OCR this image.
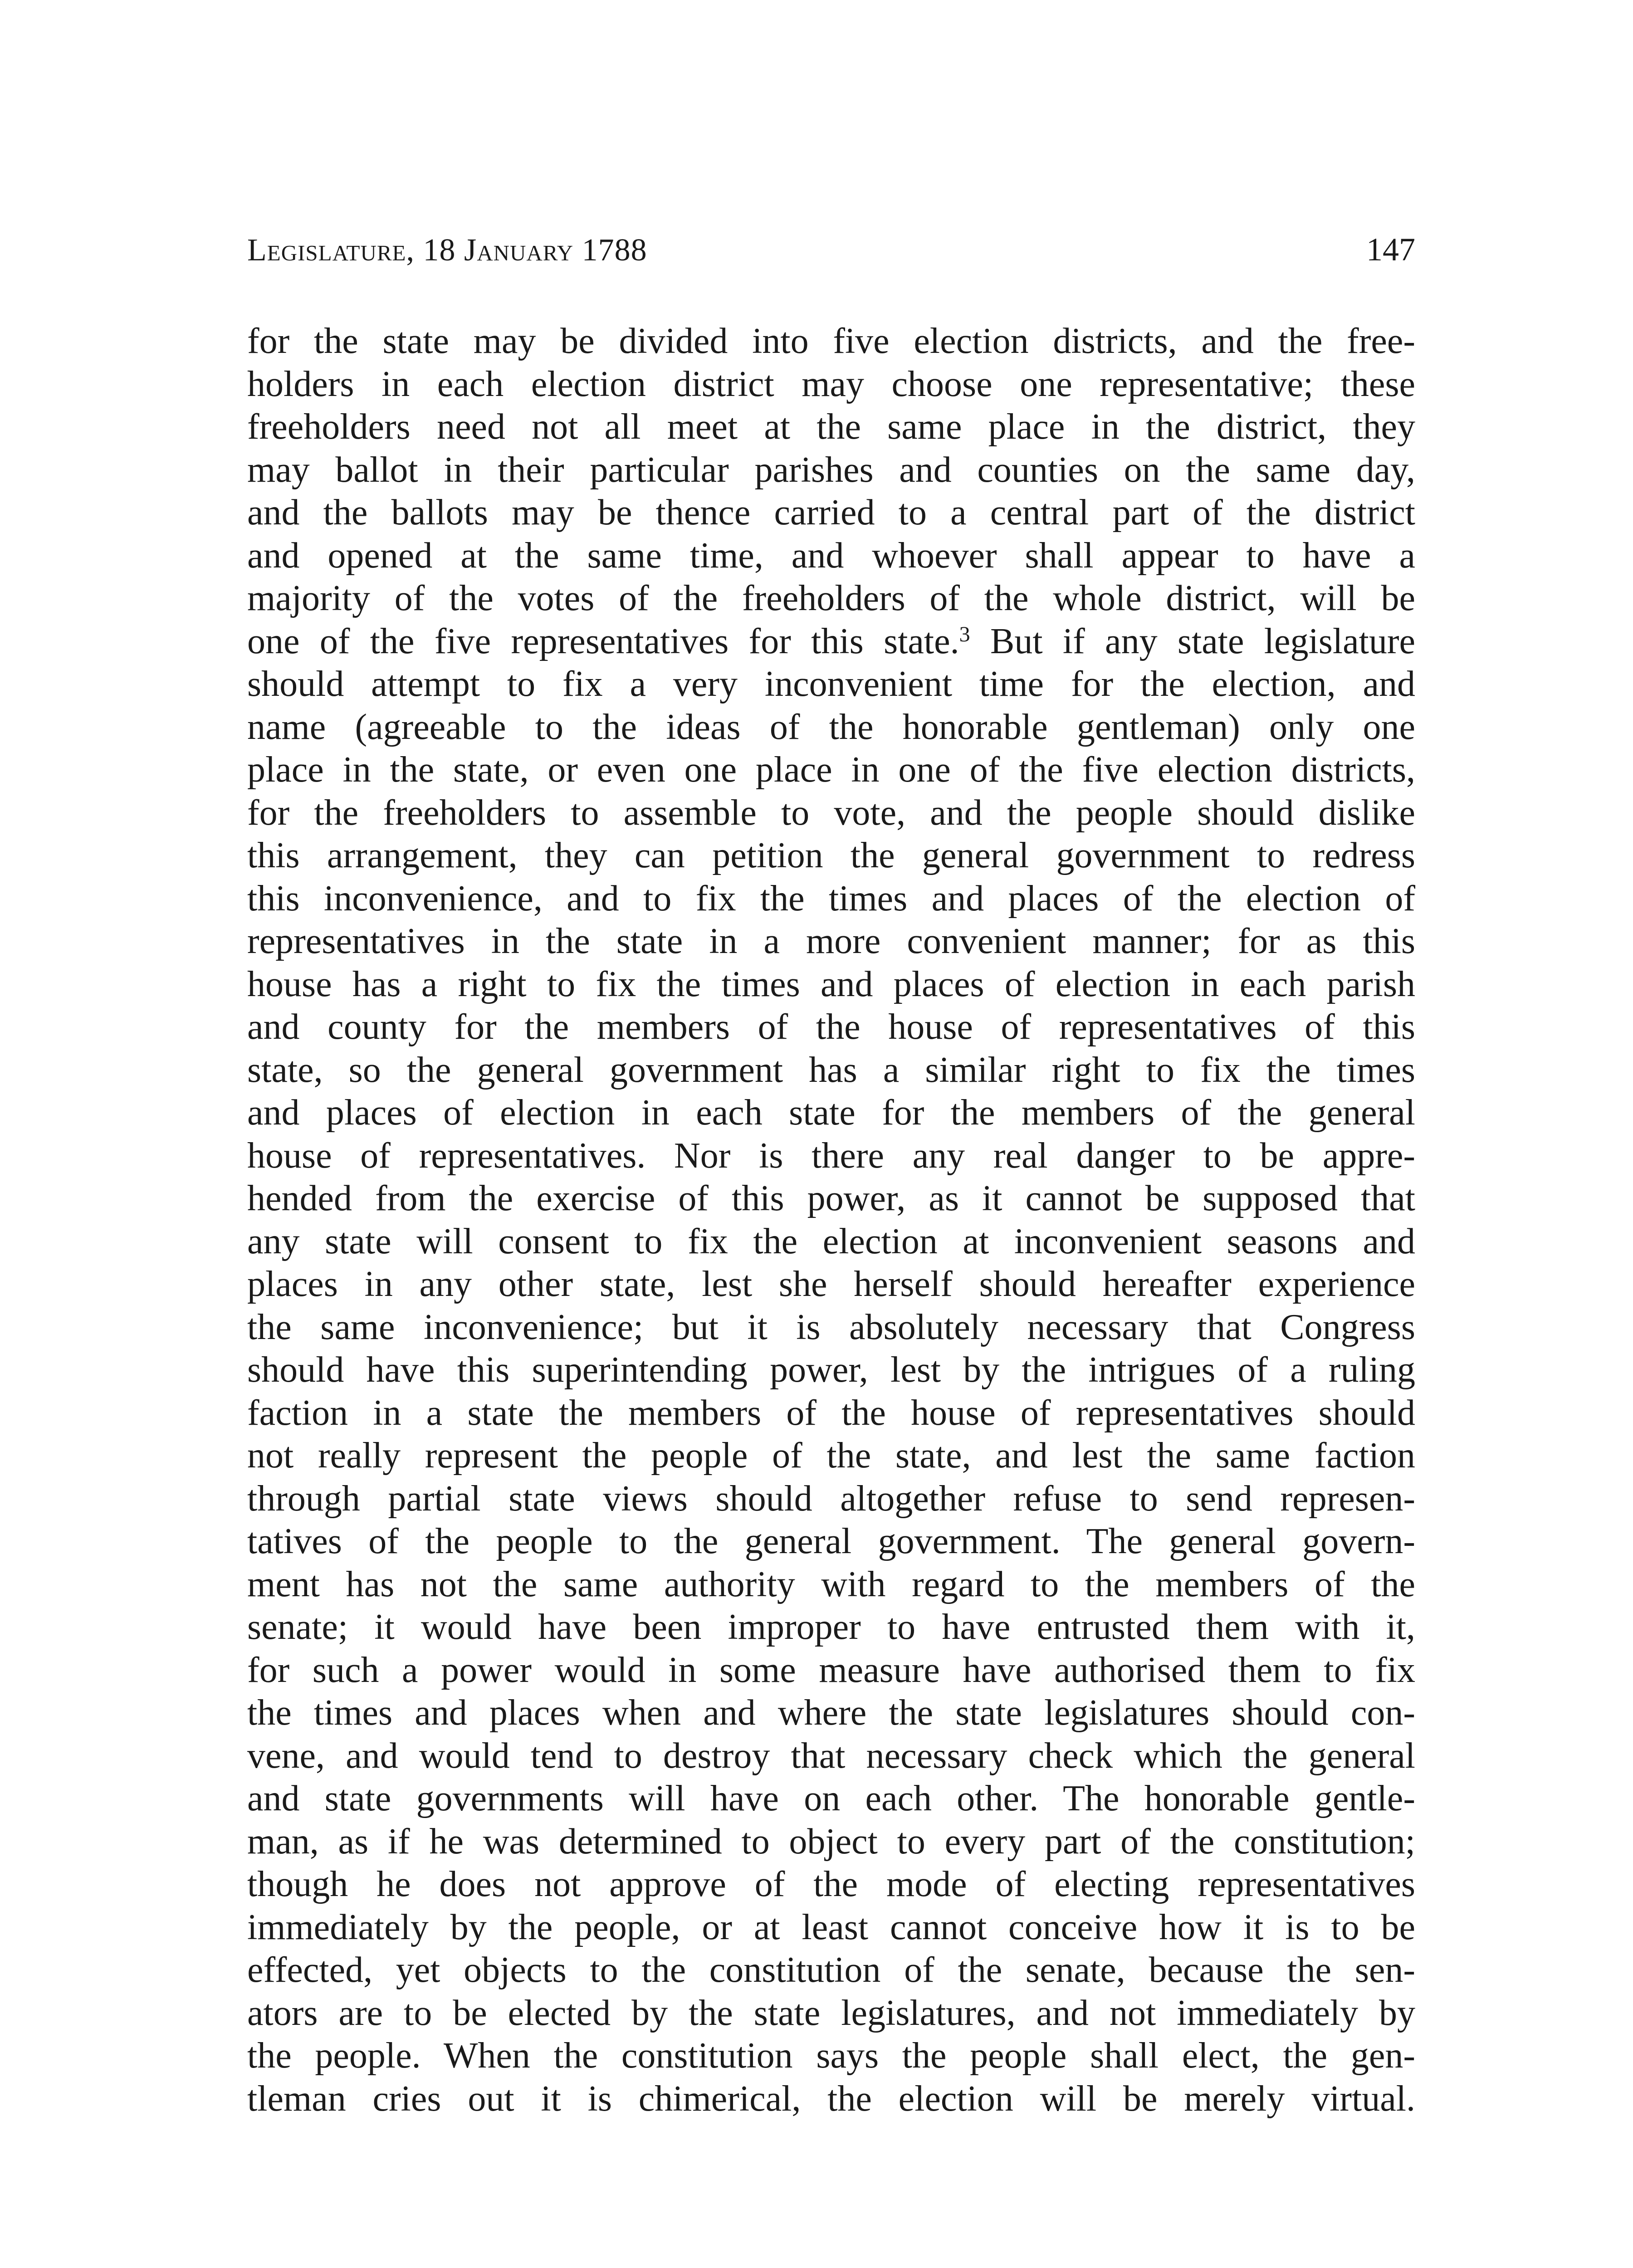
Legislature, 18 January 1788	147
for the state may be divided into five election districts, and the free-
holders in each election district may choose one representative; these
freeholders need not all meet at the same place in the district, they
may ballot in their particular parishes and counties on the same day,
and the ballots may be thence carried to a central part of the district
and opened at the same time, and whoever shall appear to have a
majority of the votes of the freeholders of the whole district, will be
one of the five representatives for this state.$^3$ But if any state legislature
should attempt to fix a very inconvenient time for the election, and
name (agreeable to the ideas of the honorable gentleman) only one
place in the state, or even one place in one of the five election districts,
for the freeholders to assemble to vote, and the people should dislike
this arrangement, they can petition the general government to redress
this inconvenience, and to fix the times and places of the election of
representatives in the state in a more convenient manner; for as this
house has a right to fix the times and places of election in each parish
and county for the members of the house of representatives of this
state, so the general government has a similar right to fix the times
and places of election in each state for the members of the general
house of representatives. Nor is there any real danger to be appre-
hended from the exercise of this power, as it cannot be supposed that
any state will consent to fix the election at inconvenient seasons and
places in any other state, lest she herself should hereafter experience
the same inconvenience; but it is absolutely necessary that Congress
should have this superintending power, lest by the intrigues of a ruling
faction in a state the members of the house of representatives should
not really represent the people of the state, and lest the same faction
through partial state views should altogether refuse to send represen-
tatives of the people to the general government. The general govern-
ment has not the same authority with regard to the members of the
senate; it would have been improper to have entrusted them with it,
for such a power would in some measure have authorised them to fix
the times and places when and where the state legislatures should con-
vene, and would tend to destroy that necessary check which the general
and state governments will have on each other. The honorable gentle-
man, as if he was determined to object to every part of the constitution;
though he does not approve of the mode of electing representatives
immediately by the people, or at least cannot conceive how it is to be
effected, yet objects to the constitution of the senate, because the sen-
ators are to be elected by the state legislatures, and not immediately by
the people. When the constitution says the people shall elect, the gen-
tleman cries out it is chimerical, the election will be merely virtual.
